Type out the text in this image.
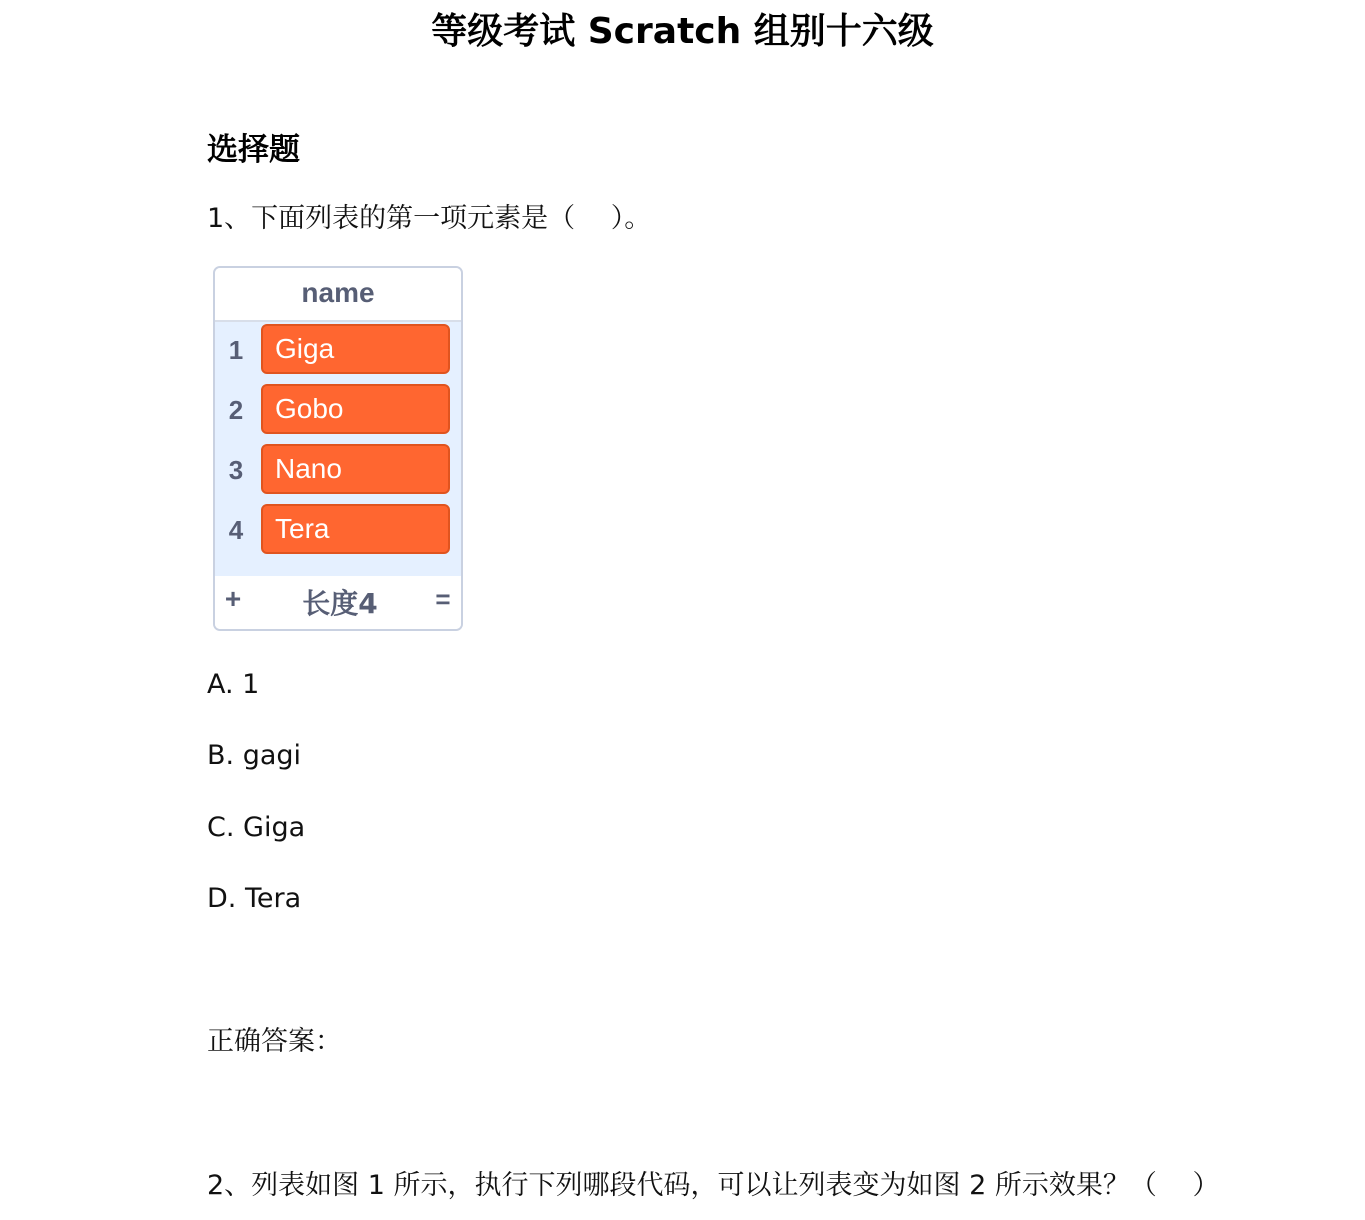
等级考试 Scratch 组别十六级
选择题
1、下面列表的第一项元素是（　 ）。
name
1	Giga
2	Gobo
3	Nano
4	Tera
+	长度4	=
A. 1
B. gagi
C. Giga
D. Tera
正确答案：
2、列表如图 1 所示，执行下列哪段代码，可以让列表变为如图 2 所示效果？（　 ）
